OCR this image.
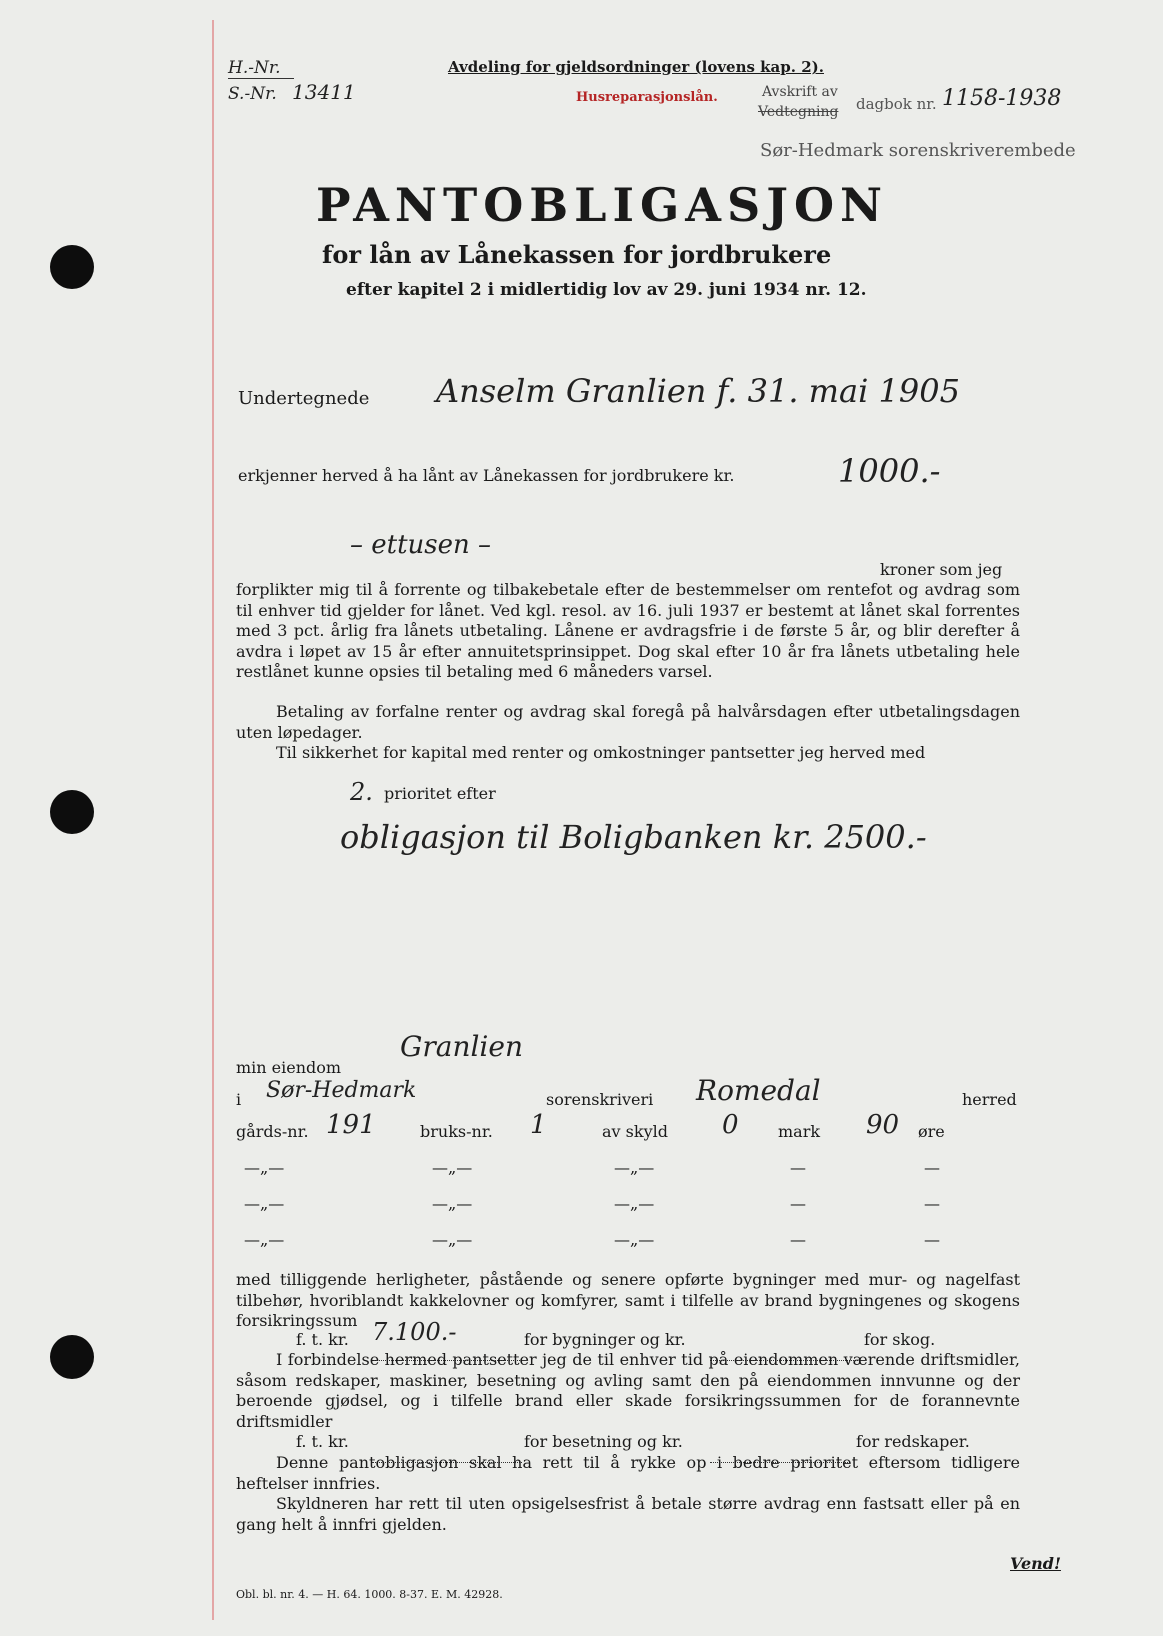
H.-Nr.
S.-Nr. 13411
Avdeling for gjeldsordninger (lovens kap. 2).
Husreparasjonslån.	Avskrift av
Vedtegning dagbok nr. 1158-1938
Sør-Hedmark sorenskriverembede
PANTOBLIGASJON
for lån av Lånekassen for jordbrukere
efter kapitel 2 i midlertidig lov av 29. juni 1934 nr. 12.
Undertegnede Anselm Granlien f. 31. mai 1905
erkjenner herved å ha lånt av Lånekassen for jordbrukere kr.	1000.-
– ettusen –
kroner som jeg
forplikter mig til å forrente og tilbakebetale efter de bestemmelser om rentefot og avdrag som til enhver tid gjelder for lånet. Ved kgl. resol. av 16. juli 1937 er bestemt at lånet skal forrentes med 3 pct. årlig fra lånets utbetaling. Lånene er avdragsfrie i de første 5 år, og blir derefter å avdra i løpet av 15 år efter annuitetsprinsippet. Dog skal efter 10 år fra lånets utbetaling hele restlånet kunne opsies til betaling med 6 måneders varsel.
Betaling av forfalne renter og avdrag skal foregå på halvårsdagen efter utbetalingsdagen uten løpedager.
Til sikkerhet for kapital med renter og omkostninger pantsetter jeg herved med
2. prioritet efter
obligasjon til Boligbanken kr. 2500.-
min eiendom
Granlien
i Sør-Hedmark	sorenskriveri Romedal	herred
gårds-nr. 191	bruks-nr. 1	av skyld 0 mark 90 øre
—„—	—„—	—„—	—	—
—„—	—„—	—„—	—	—
—„—	—„—	—„—	—	—
med tilliggende herligheter, påstående og senere opførte bygninger med mur- og nagelfast tilbehør, hvoriblandt kakkelovner og komfyrer, samt i tilfelle av brand bygningenes og skogens forsikringssum
f. t. kr. 7.100.-	for bygninger og kr.	for skog.
I forbindelse hermed pantsetter jeg de til enhver tid på eiendommen værende driftsmidler, såsom redskaper, maskiner, besetning og avling samt den på eiendommen innvunne og der beroende gjødsel, og i tilfelle brand eller skade forsikringssummen for de forannevnte driftsmidler
f. t. kr.	for besetning og kr.	for redskaper.
Denne pantobligasjon skal ha rett til å rykke op i bedre prioritet eftersom tidligere heftelser innfries.
Skyldneren har rett til uten opsigelsesfrist å betale større avdrag enn fastsatt eller på en gang helt å innfri gjelden.
Vend!
Obl. bl. nr. 4. — H. 64. 1000. 8-37. E. M. 42928.
